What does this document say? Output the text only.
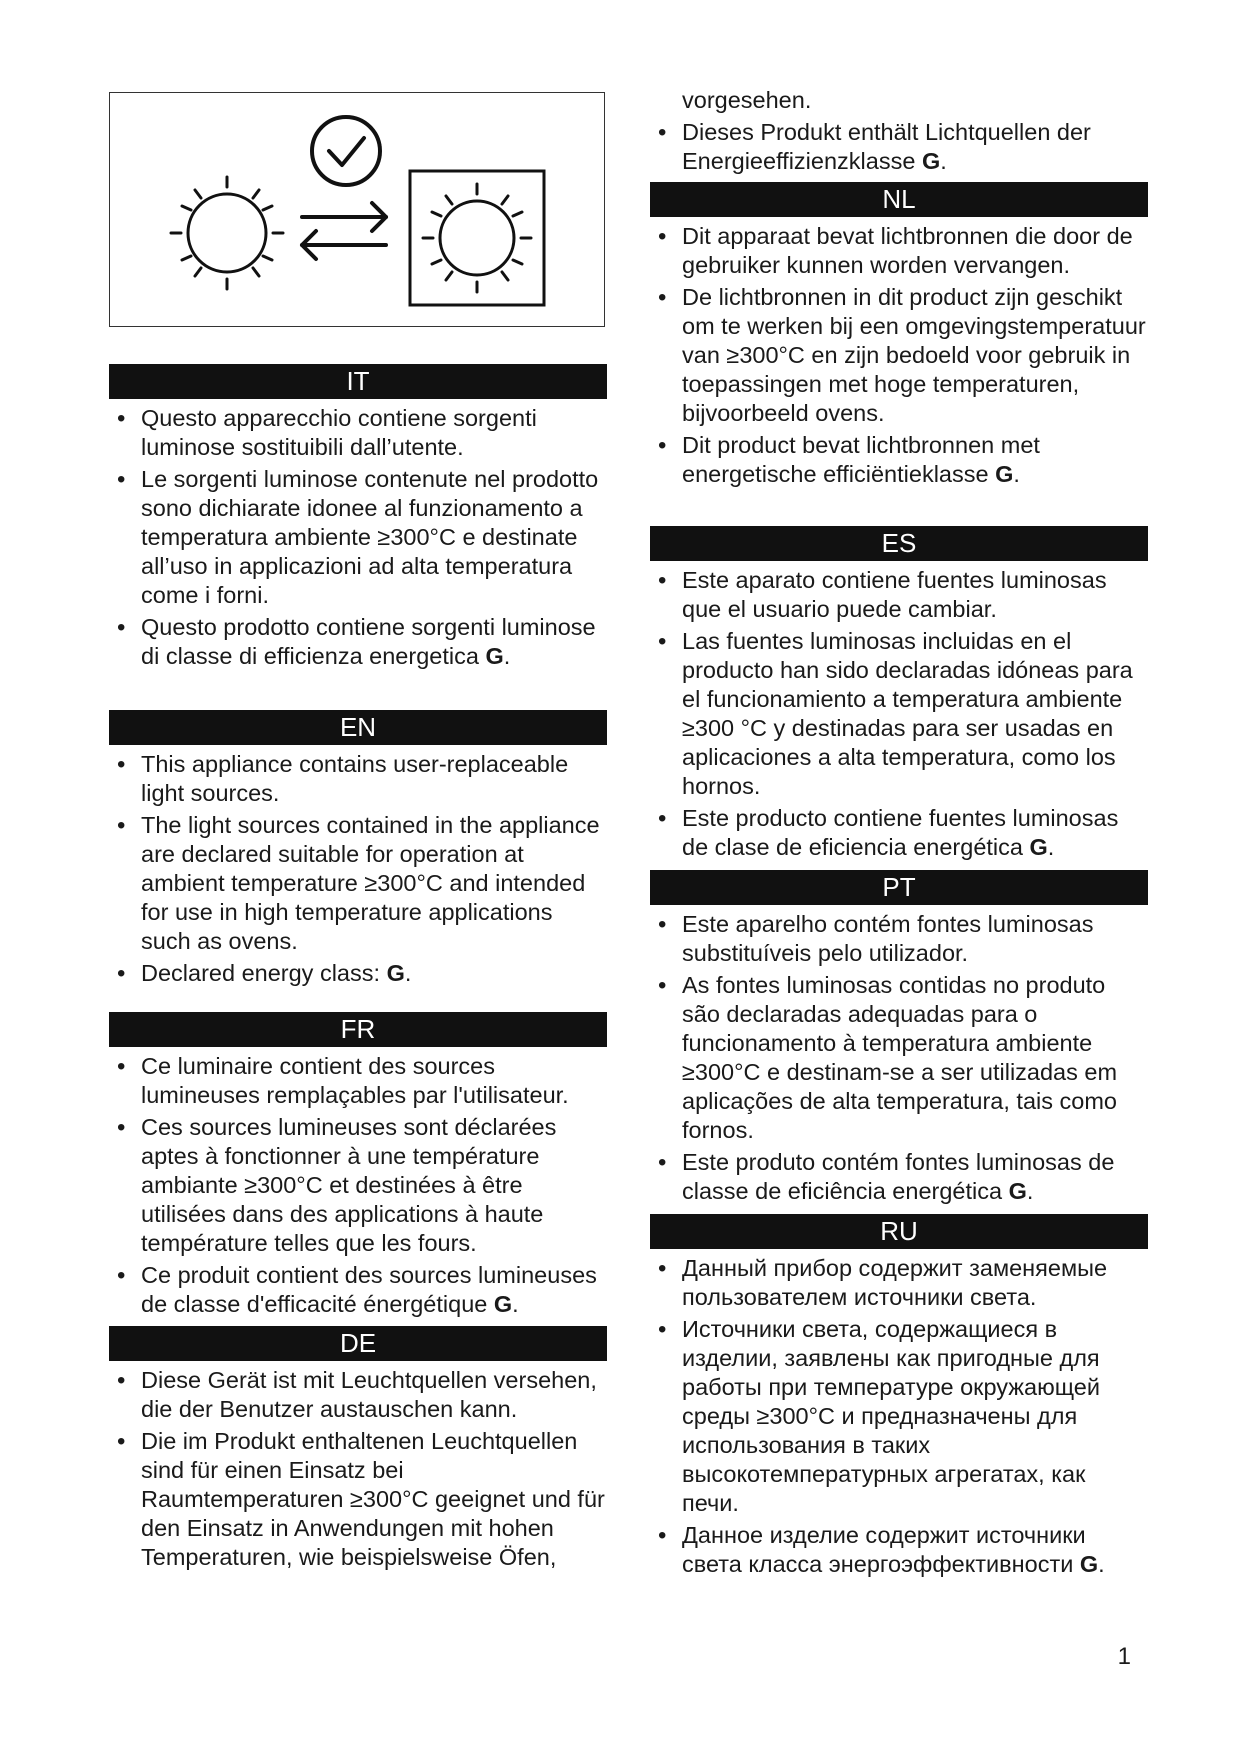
IT
• Questo apparecchio contiene sorgenti luminose sostituibili dall’utente.
• Le sorgenti luminose contenute nel prodotto sono dichiarate idonee al funzionamento a temperatura ambiente ≥300°C e destinate all’uso in applicazioni ad alta temperatura come i forni.
• Questo prodotto contiene sorgenti luminose di classe di efficienza energetica G.
EN
• This appliance contains user-replaceable light sources.
• The light sources contained in the appliance are declared suitable for operation at ambient temperature ≥300°C and intended for use in high temperature applications such as ovens.
• Declared energy class: G.
FR
• Ce luminaire contient des sources lumineuses remplaçables par l'utilisateur.
• Ces sources lumineuses sont déclarées aptes à fonctionner à une température ambiante ≥300°C et destinées à être utilisées dans des applications à haute température telles que les fours.
• Ce produit contient des sources lumineuses de classe d'efficacité énergétique G.
DE
• Diese Gerät ist mit Leuchtquellen versehen, die der Benutzer austauschen kann.
• Die im Produkt enthaltenen Leuchtquellen sind für einen Einsatz bei Raumtemperaturen ≥300°C geeignet und für den Einsatz in Anwendungen mit hohen Temperaturen, wie beispielsweise Öfen,
vorgesehen.
• Dieses Produkt enthält Lichtquellen der Energieeffizienzklasse G.
NL
• Dit apparaat bevat lichtbronnen die door de gebruiker kunnen worden vervangen.
• De lichtbronnen in dit product zijn geschikt om te werken bij een omgevingstemperatuur van ≥300°C en zijn bedoeld voor gebruik in toepassingen met hoge temperaturen, bijvoorbeeld ovens.
• Dit product bevat lichtbronnen met energetische efficiëntieklasse G.
ES
• Este aparato contiene fuentes luminosas que el usuario puede cambiar.
• Las fuentes luminosas incluidas en el producto han sido declaradas idóneas para el funcionamiento a temperatura ambiente ≥300 °C y destinadas para ser usadas en aplicaciones a alta temperatura, como los hornos.
• Este producto contiene fuentes luminosas de clase de eficiencia energética G.
PT
• Este aparelho contém fontes luminosas substituíveis pelo utilizador.
• As fontes luminosas contidas no produto são declaradas adequadas para o funcionamento à temperatura ambiente ≥300°C e destinam-se a ser utilizadas em aplicações de alta temperatura, tais como fornos.
• Este produto contém fontes luminosas de classe de eficiência energética G.
RU
• Данный прибор содержит заменяемые пользователем источники света.
• Источники света, содержащиеся в изделии, заявлены как пригодные для работы при температуре окружающей среды ≥300°C и предназначены для использования в таких высокотемпературных агрегатах, как печи.
• Данное изделие содержит источники света класса энергоэффективности G.
1
